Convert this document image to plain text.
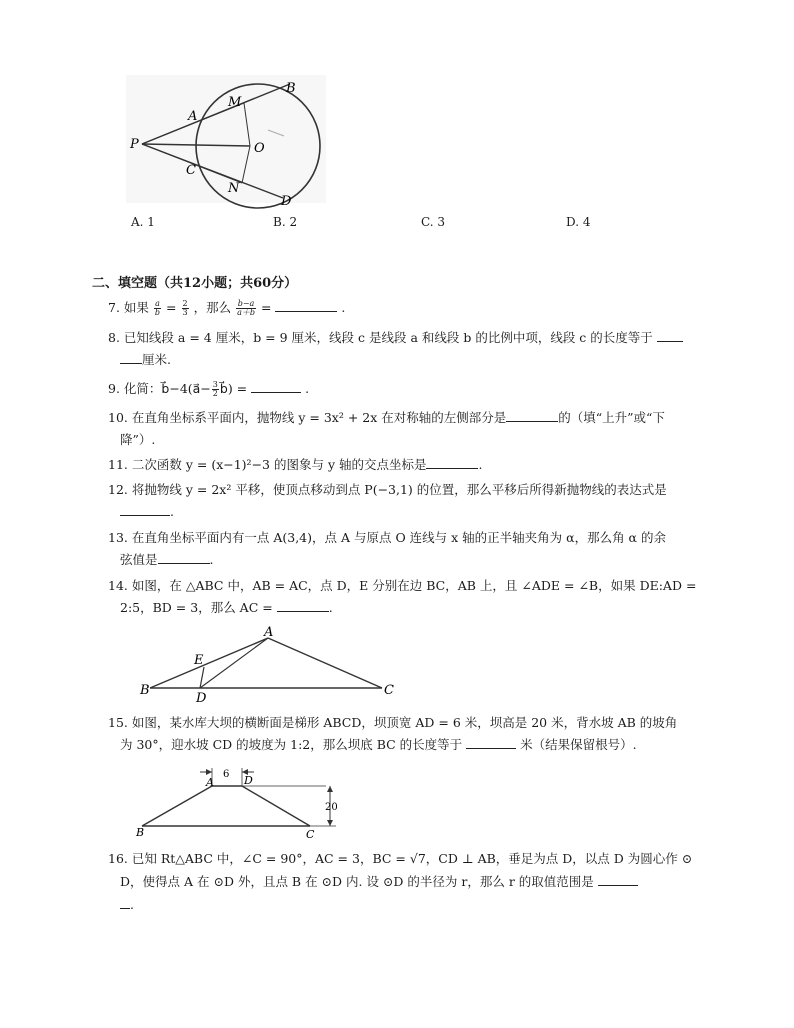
P
A
M
B
O
C
N
D
A. 1	B. 2	C. 3	D. 4
二、填空题（共12小题；共60分）
7. 如果 $\frac{a}{b} = \frac{2}{3}$ ，那么 $\frac{b-a}{a+b}$ =	.
8. 已知线段 a = 4 厘米，b = 9 厘米，线段 c 是线段 a 和线段 b 的比例中项，线段 c 的长度等于
厘米.
9. 化简：b⃗−4(a⃗− $\frac{3}{2}$ b⃗) =	.
10. 在直角坐标系平面内，抛物线 y = 3x² + 2x 在对称轴的左侧部分是	的（填“上升”或“下
降”）.
11. 二次函数 y = (x−1)²−3 的图象与 y 轴的交点坐标是	.
12. 将抛物线 y = 2x² 平移，使顶点移动到点 P(−3,1) 的位置，那么平移后所得新抛物线的表达式是
.
13. 在直角坐标平面内有一点 A(3,4)，点 A 与原点 O 连线与 x 轴的正半轴夹角为 α，那么角 α 的余
弦值是	.
14. 如图，在 △ABC 中，AB = AC，点 D，E 分别在边 BC，AB 上，且 ∠ADE = ∠B，如果 DE:AD =
2:5，BD = 3，那么 AC =	.
A
E
B
D
C
15. 如图，某水库大坝的横断面是梯形 ABCD，坝顶宽 AD = 6 米，坝高是 20 米，背水坡 AB 的坡角
为 30°，迎水坡 CD 的坡度为 1:2，那么坝底 BC 的长度等于	米（结果保留根号）.
A	D
B	C
6
20
16. 已知 Rt△ABC 中，∠C = 90°，AC = 3，BC = √7，CD ⊥ AB，垂足为点 D，以点 D 为圆心作 ⊙
D，使得点 A 在 ⊙D 外，且点 B 在 ⊙D 内. 设 ⊙D 的半径为 r，那么 r 的取值范围是
.
